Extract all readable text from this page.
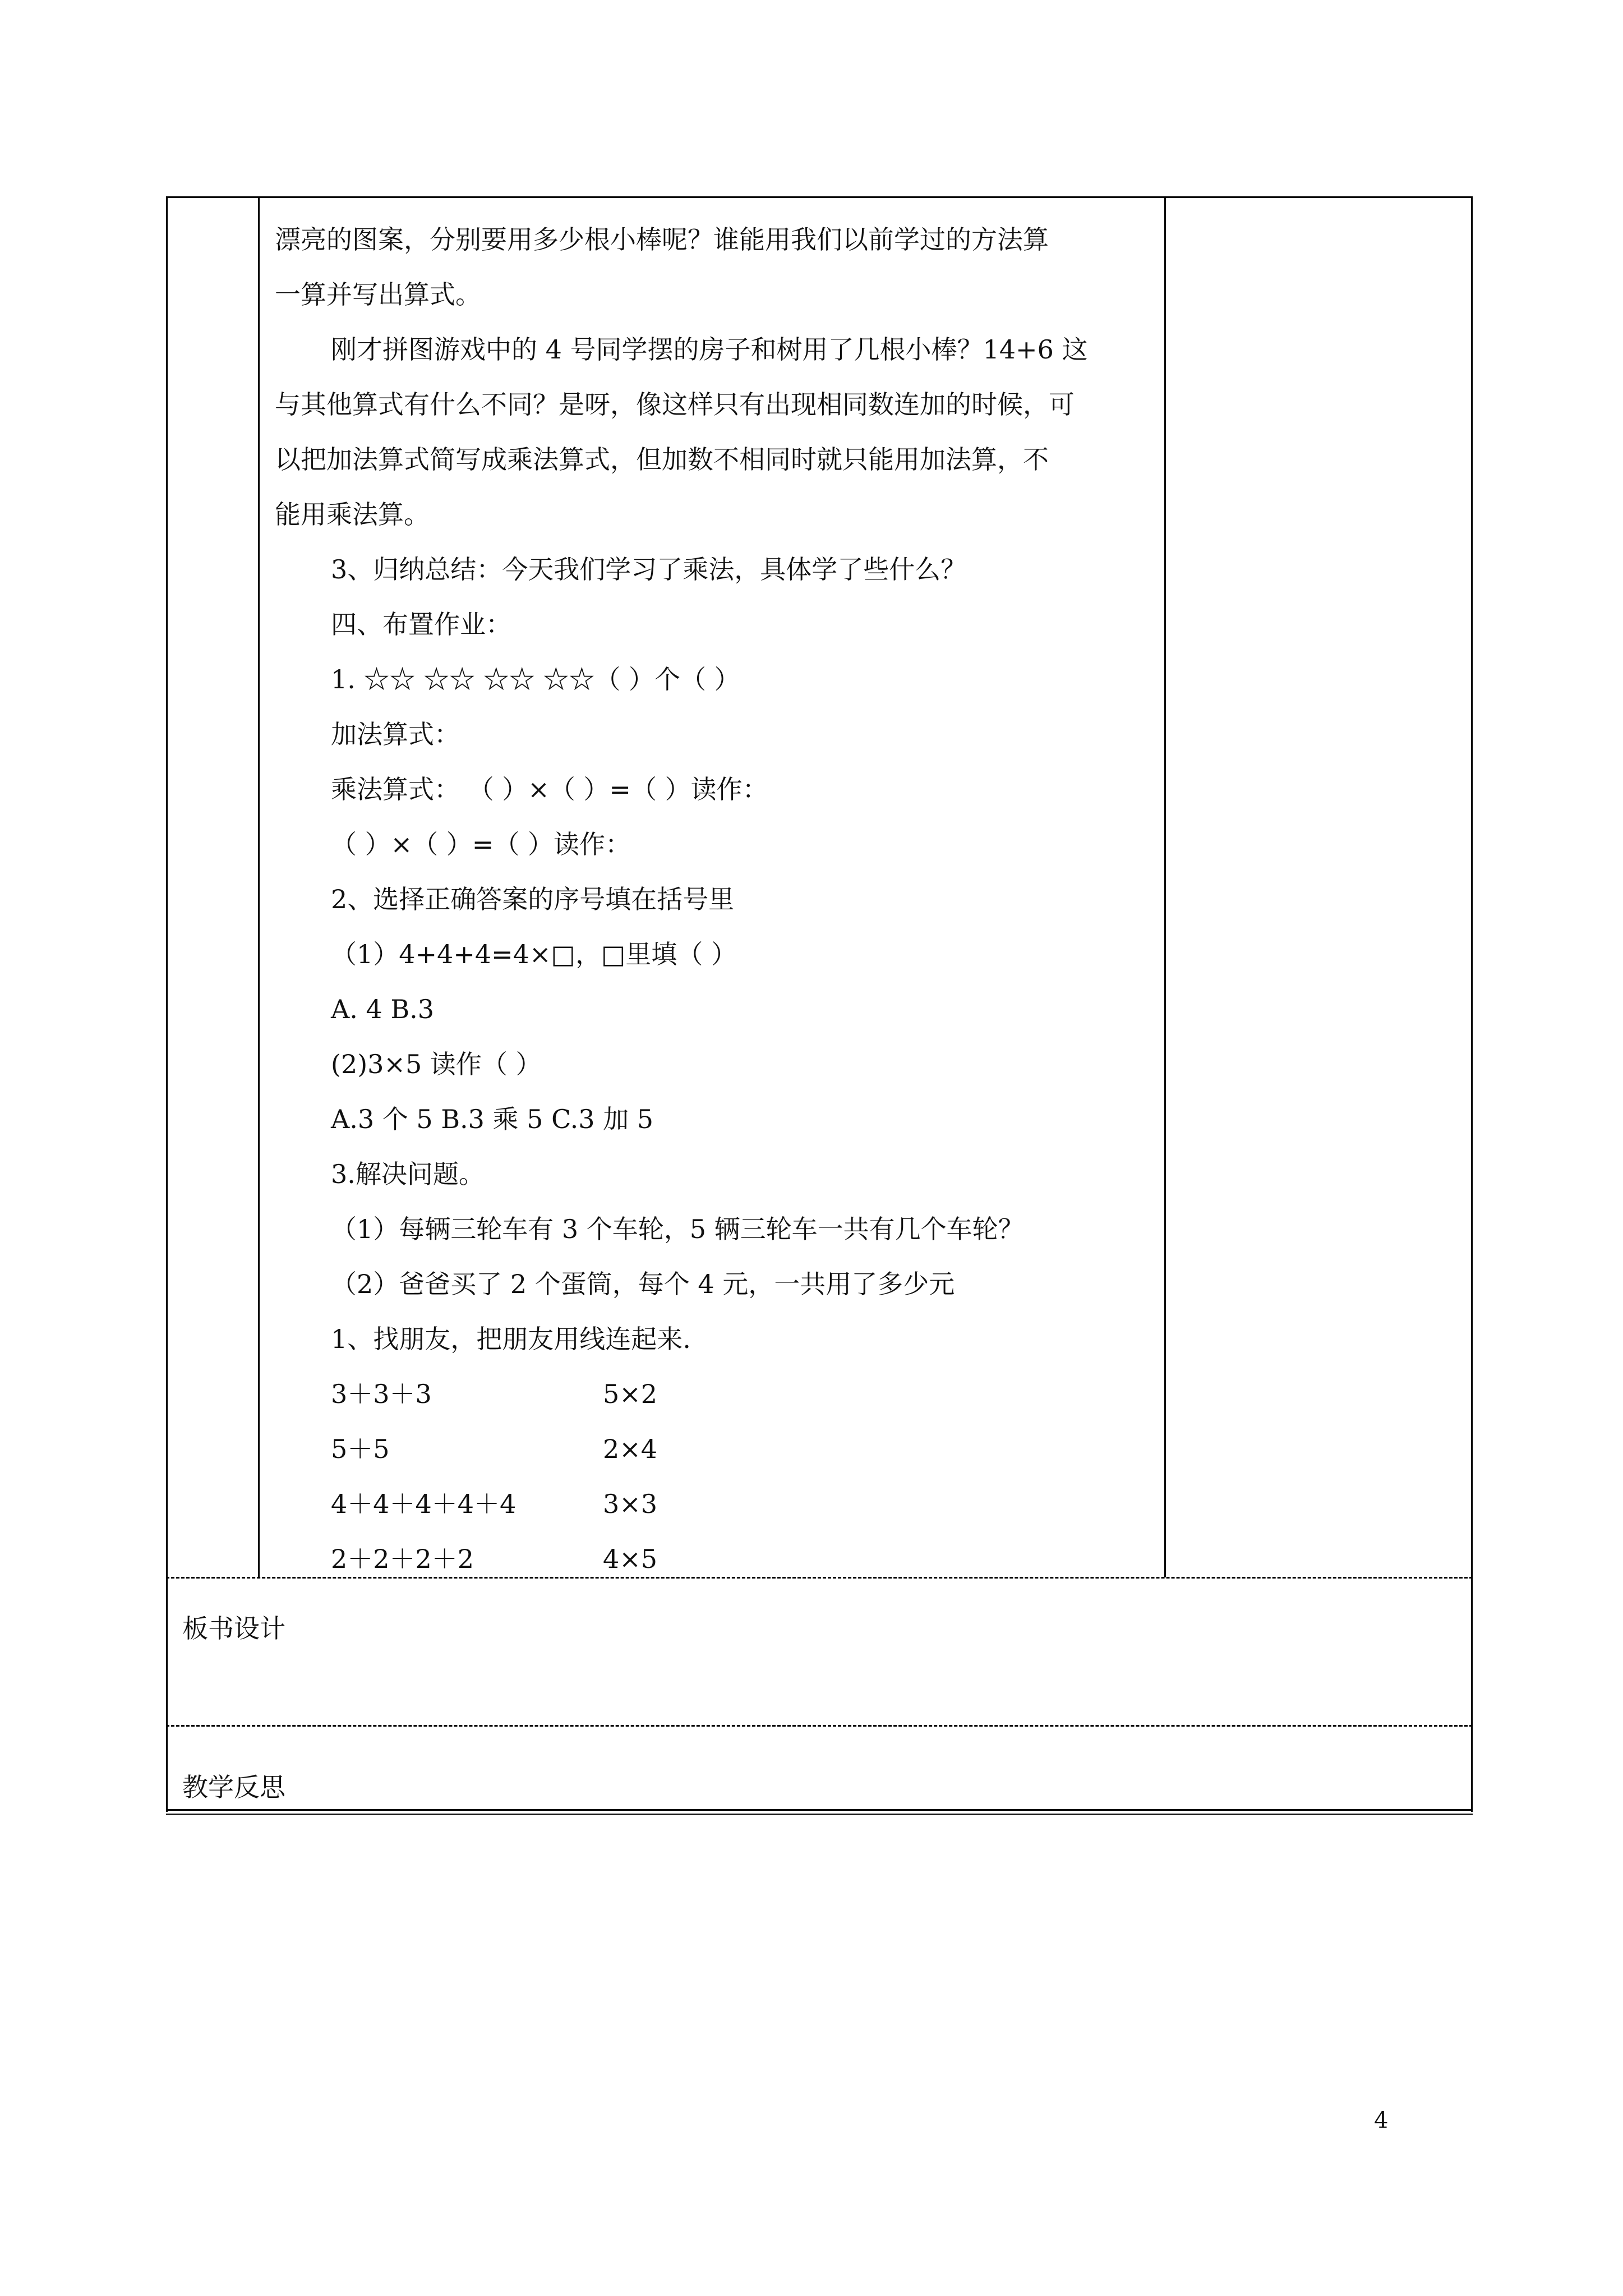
漂亮的图案，分别要用多少根小棒呢？谁能用我们以前学过的方法算

一算并写出算式。

刚才拼图游戏中的 4 号同学摆的房子和树用了几根小棒？14+6 这

与其他算式有什么不同？是呀，像这样只有出现相同数连加的时候，可

以把加法算式简写成乘法算式，但加数不相同时就只能用加法算，不

能用乘法算。

3、归纳总结：今天我们学习了乘法，具体学了些什么？

四、布置作业：

1. ☆☆ ☆☆ ☆☆ ☆☆（ ）个（ ）

加法算式：

乘法算式： （ ）×（ ）=（ ）读作：

（ ）×（ ）=（ ）读作：

2、选择正确答案的序号填在括号里

（1）4+4+4=4×□，□里填（ ）

A. 4 B.3

(2)3×5 读作（ ）

A.3 个 5 B.3 乘 5 C.3 加 5

3.解决问题。

（1）每辆三轮车有 3 个车轮，5 辆三轮车一共有几个车轮？

（2）爸爸买了 2 个蛋筒，每个 4 元，一共用了多少元

1、找朋友，把朋友用线连起来.

3＋3＋3	5×2

5＋5	2×4

4＋4＋4＋4＋4	3×3

2＋2＋2＋2	4×5

板书设计
教学反思
4
